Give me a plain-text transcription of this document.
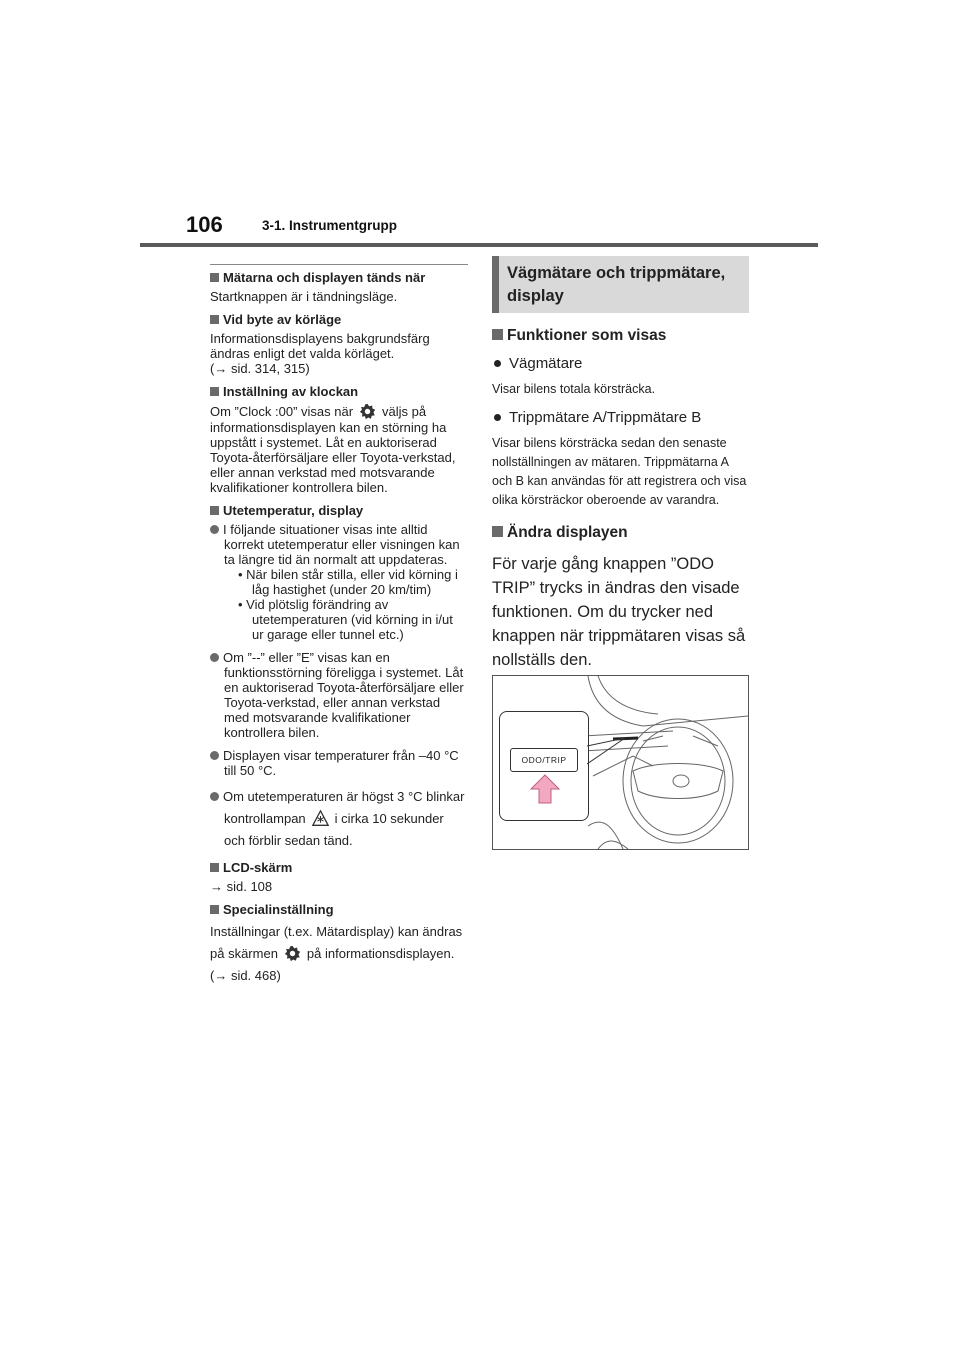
106	3-1. Instrumentgrupp
Mätarna och displayen tänds när
Startknappen är i tändningsläge.
Vid byte av körläge
Informationsdisplayens bakgrundsfärg ändras enligt det valda körläget.
(→ sid. 314, 315)
Inställning av klockan
Om ”Clock :00” visas när väljs på informationsdisplayen kan en störning ha uppstått i systemet. Låt en auktoriserad Toyota-återförsäljare eller Toyota-verkstad, eller annan verkstad med motsvarande kvalifikationer kontrollera bilen.
Utetemperatur, display
I följande situationer visas inte alltid korrekt utetemperatur eller visningen kan ta längre tid än normalt att uppdateras.
• När bilen står stilla, eller vid körning i låg hastighet (under 20 km/tim)
• Vid plötslig förändring av utetemperaturen (vid körning in i/ut ur garage eller tunnel etc.)
Om ”--” eller ”E” visas kan en funktionsstörning föreligga i systemet. Låt en auktoriserad Toyota-återförsäljare eller Toyota-verkstad, eller annan verkstad med motsvarande kvalifikationer kontrollera bilen.
Displayen visar temperaturer från –40 °C till 50 °C.
Om utetemperaturen är högst 3 °C blinkar kontrollampan i cirka 10 sekunder och förblir sedan tänd.
LCD-skärm
→ sid. 108
Specialinställning
Inställningar (t.ex. Mätardisplay) kan ändras på skärmen på informationsdisplayen. (→ sid. 468)
Vägmätare och trippmätare, display
Funktioner som visas
Vägmätare
Visar bilens totala körsträcka.
Trippmätare A/Trippmätare B
Visar bilens körsträcka sedan den senaste nollställningen av mätaren. Trippmätarna A och B kan användas för att registrera och visa olika körsträckor oberoende av varandra.
Ändra displayen
För varje gång knappen ”ODO TRIP” trycks in ändras den visade funktionen. Om du trycker ned knappen när trippmätaren visas så nollställs den.
ODO/TRIP
